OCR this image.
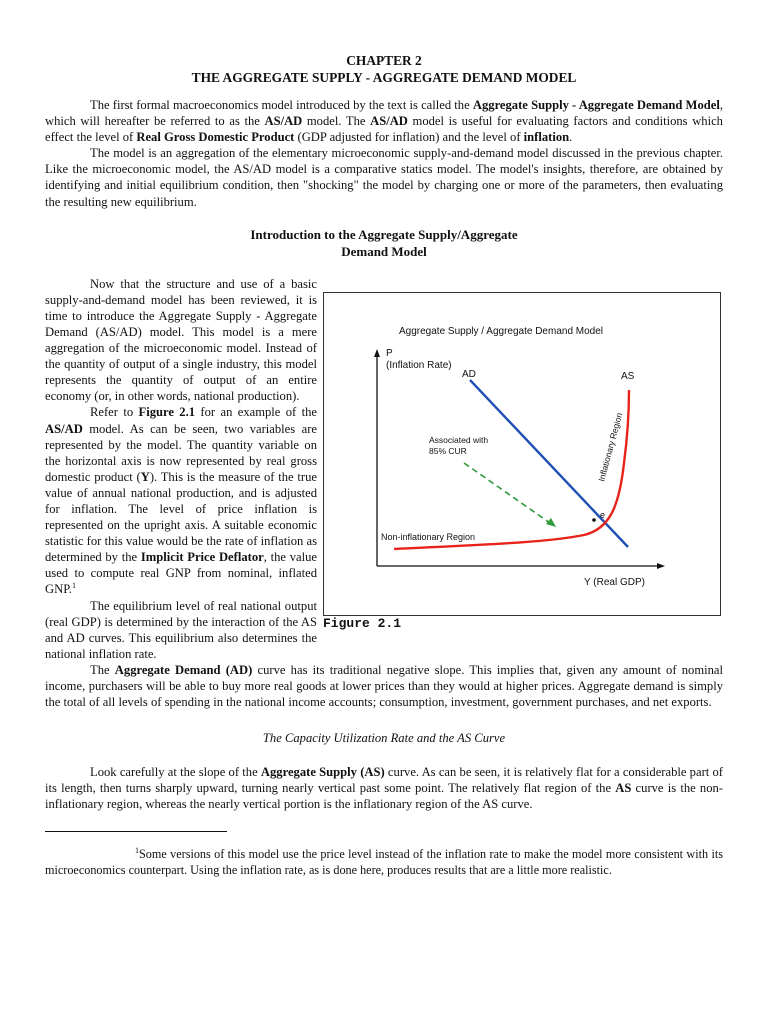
CHAPTER 2
THE AGGREGATE SUPPLY - AGGREGATE DEMAND MODEL

The first formal macroeconomics model introduced by the text is called the Aggregate Supply - Aggregate Demand Model, which will hereafter be referred to as the AS/AD model. The AS/AD model is useful for evaluating factors and conditions which effect the level of Real Gross Domestic Product (GDP adjusted for inflation) and the level of inflation.

The model is an aggregation of the elementary microeconomic supply-and-demand model discussed in the previous chapter. Like the microeconomic model, the AS/AD model is a comparative statics model. The model's insights, therefore, are obtained by identifying and initial equilibrium condition, then "shocking" the model by charging one or more of the parameters, then evaluating the resulting new equilibrium.

Introduction to the Aggregate Supply/Aggregate
Demand Model
Aggregate Supply / Aggregate Demand Model
P
(Inflation Rate)
Y (Real GDP)
AD	AS
Inflationary Region
Non-inflationary Region
Associated with
85% CUR
e
Figure 2.1

Now that the structure and use of a basic supply-and-demand model has been reviewed, it is time to introduce the Aggregate Supply - Aggregate Demand (AS/AD) model. This model is a mere aggregation of the microeconomic model. Instead of the quantity of output of a single industry, this model represents the quantity of output of an entire economy (or, in other words, national production).

Refer to Figure 2.1 for an example of the AS/AD model. As can be seen, two variables are represented by the model. The quantity variable on the horizontal axis is now represented by real gross domestic product (Y). This is the measure of the true value of annual national production, and is adjusted for inflation. The level of price inflation is represented on the upright axis. A suitable economic statistic for this value would be the rate of inflation as determined by the Implicit Price Deflator, the value used to compute real GNP from nominal, inflated GNP.$^1$

The equilibrium level of real national output (real GDP) is determined by the interaction of the AS and AD curves. This equilibrium also determines the national inflation rate.

The Aggregate Demand (AD) curve has its traditional negative slope. This implies that, given any amount of nominal income, purchasers will be able to buy more real goods at lower prices than they would at higher prices. Aggregate demand is simply the total of all levels of spending in the national income accounts; consumption, investment, government purchases, and net exports.

The Capacity Utilization Rate and the AS Curve

Look carefully at the slope of the Aggregate Supply (AS) curve. As can be seen, it is relatively flat for a considerable part of its length, then turns sharply upward, turning nearly vertical past some point. The relatively flat region of the AS curve is the non-inflationary region, whereas the nearly vertical portion is the inflationary region of the AS curve.

$^1$Some versions of this model use the price level instead of the inflation rate to make the model more consistent with its microeconomics counterpart. Using the inflation rate, as is done here, produces results that are a little more realistic.
